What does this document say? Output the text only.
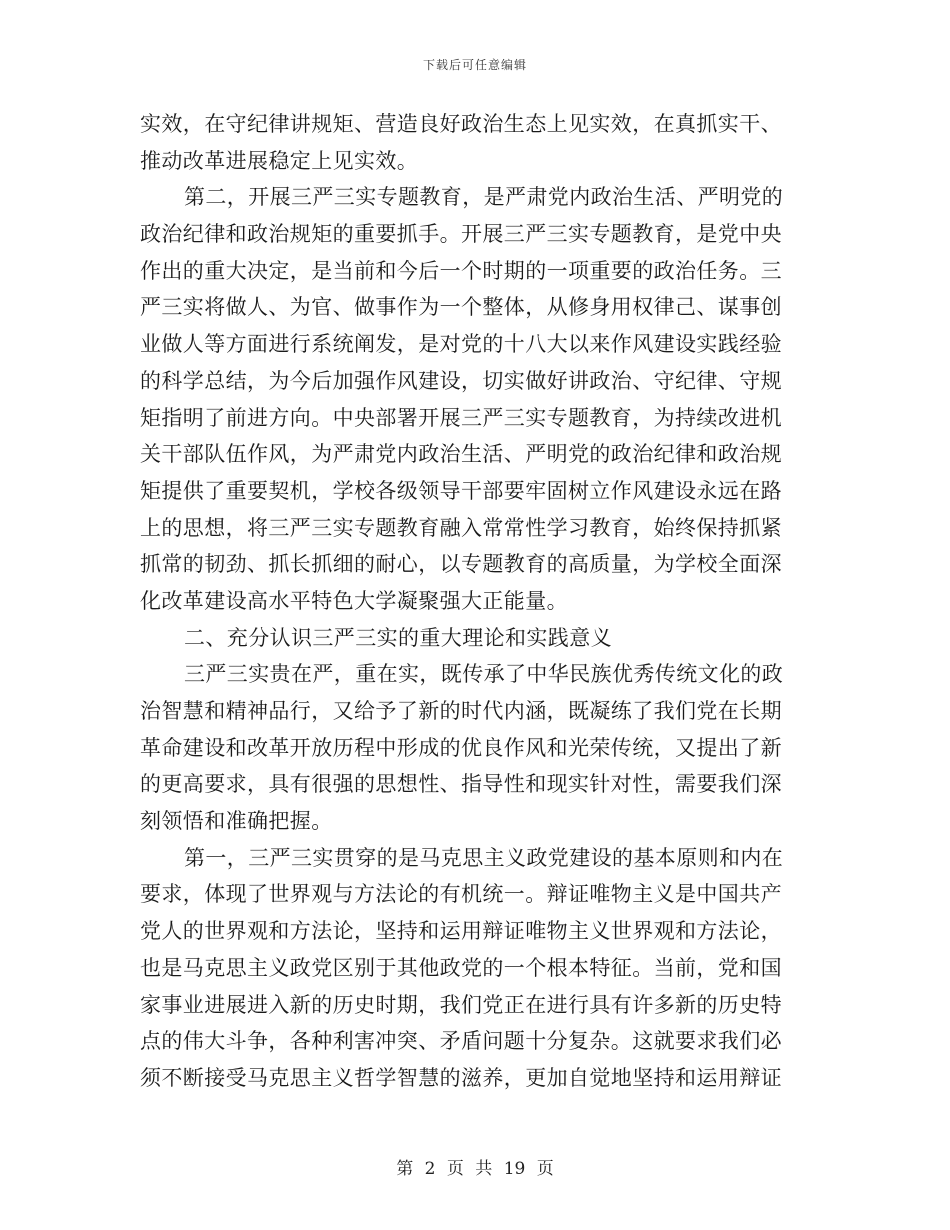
下载后可任意编辑
实效，在守纪律讲规矩、营造良好政治生态上见实效，在真抓实干、
推动改革进展稳定上见实效。
第二，开展三严三实专题教育，是严肃党内政治生活、严明党的
政治纪律和政治规矩的重要抓手。开展三严三实专题教育，是党中央
作出的重大决定，是当前和今后一个时期的一项重要的政治任务。三
严三实将做人、为官、做事作为一个整体，从修身用权律己、谋事创
业做人等方面进行系统阐发，是对党的十八大以来作风建设实践经验
的科学总结，为今后加强作风建设，切实做好讲政治、守纪律、守规
矩指明了前进方向。中央部署开展三严三实专题教育，为持续改进机
关干部队伍作风，为严肃党内政治生活、严明党的政治纪律和政治规
矩提供了重要契机，学校各级领导干部要牢固树立作风建设永远在路
上的思想，将三严三实专题教育融入常常性学习教育，始终保持抓紧
抓常的韧劲、抓长抓细的耐心，以专题教育的高质量，为学校全面深
化改革建设高水平特色大学凝聚强大正能量。
二、充分认识三严三实的重大理论和实践意义
三严三实贵在严，重在实，既传承了中华民族优秀传统文化的政
治智慧和精神品行，又给予了新的时代内涵，既凝练了我们党在长期
革命建设和改革开放历程中形成的优良作风和光荣传统，又提出了新
的更高要求，具有很强的思想性、指导性和现实针对性，需要我们深
刻领悟和准确把握。
第一，三严三实贯穿的是马克思主义政党建设的基本原则和内在
要求，体现了世界观与方法论的有机统一。辩证唯物主义是中国共产
党人的世界观和方法论，坚持和运用辩证唯物主义世界观和方法论，
也是马克思主义政党区别于其他政党的一个根本特征。当前，党和国
家事业进展进入新的历史时期，我们党正在进行具有许多新的历史特
点的伟大斗争，各种利害冲突、矛盾问题十分复杂。这就要求我们必
须不断接受马克思主义哲学智慧的滋养，更加自觉地坚持和运用辩证
第 2 页 共 19 页
